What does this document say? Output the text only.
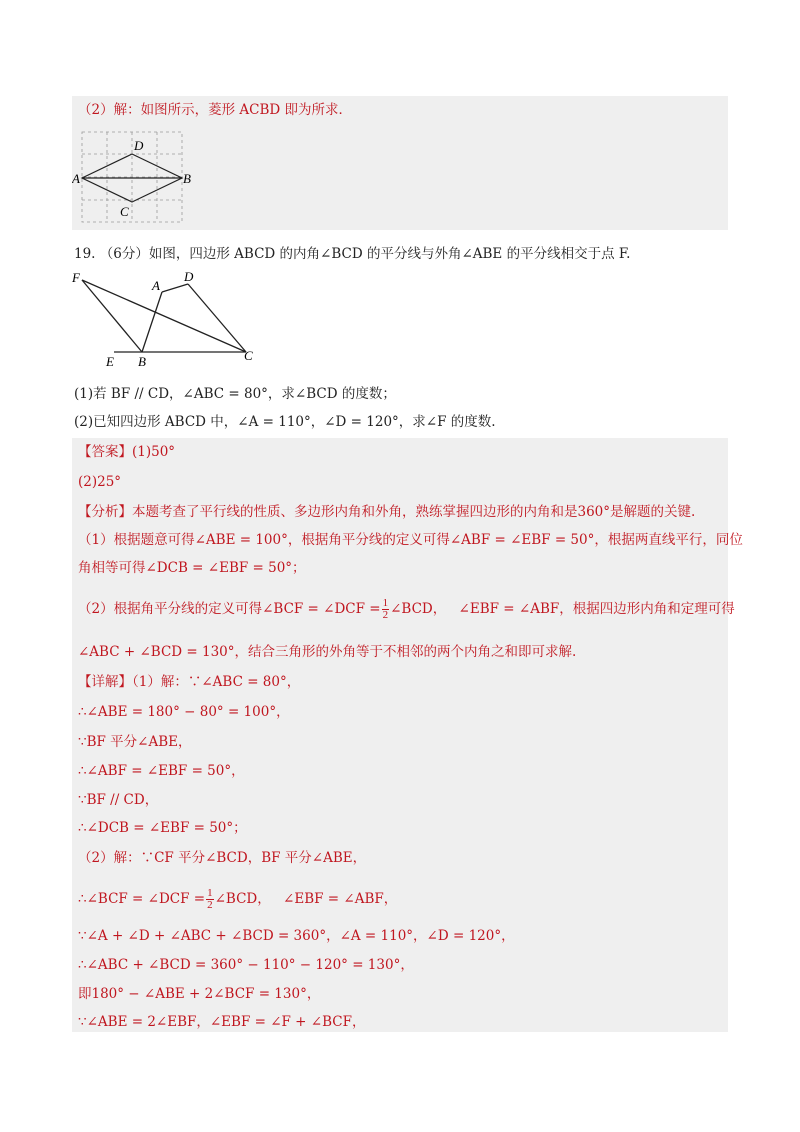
（2）解：如图所示，菱形 ACBD 即为所求．
A	B
C
D
19. （6分）如图，四边形 ABCD 的内角∠BCD 的平分线与外角∠ABE 的平分线相交于点 F.
F
A
D
E B	C
(1)若 BF // CD，∠ABC = 80°，求∠BCD 的度数；
(2)已知四边形 ABCD 中，∠A = 110°，∠D = 120°，求∠F 的度数.
【答案】(1)50°
(2)25°
【分析】本题考查了平行线的性质、多边形内角和外角，熟练掌握四边形的内角和是360°是解题的关键.
（1）根据题意可得∠ABE = 100°，根据角平分线的定义可得∠ABF = ∠EBF = 50°，根据两直线平行，同位
角相等可得∠DCB = ∠EBF = 50°；
（2）根据角平分线的定义可得∠BCF = ∠DCF = $\frac{1}{2}$ ∠BCD， ∠EBF = ∠ABF，根据四边形内角和定理可得
∠ABC + ∠BCD = 130°，结合三角形的外角等于不相邻的两个内角之和即可求解.
【详解】（1）解：∵∠ABC = 80°，
∴∠ABE = 180° − 80° = 100°，
∵BF 平分∠ABE，
∴∠ABF = ∠EBF = 50°，
∵BF // CD，
∴∠DCB = ∠EBF = 50°；
（2）解：∵CF 平分∠BCD，BF 平分∠ABE，
∴∠BCF = ∠DCF = $\frac{1}{2}$ ∠BCD， ∠EBF = ∠ABF，
∵∠A + ∠D + ∠ABC + ∠BCD = 360°，∠A = 110°，∠D = 120°，
∴∠ABC + ∠BCD = 360° − 110° − 120° = 130°，
即180° − ∠ABE + 2∠BCF = 130°，
∵∠ABE = 2∠EBF，∠EBF = ∠F + ∠BCF，
